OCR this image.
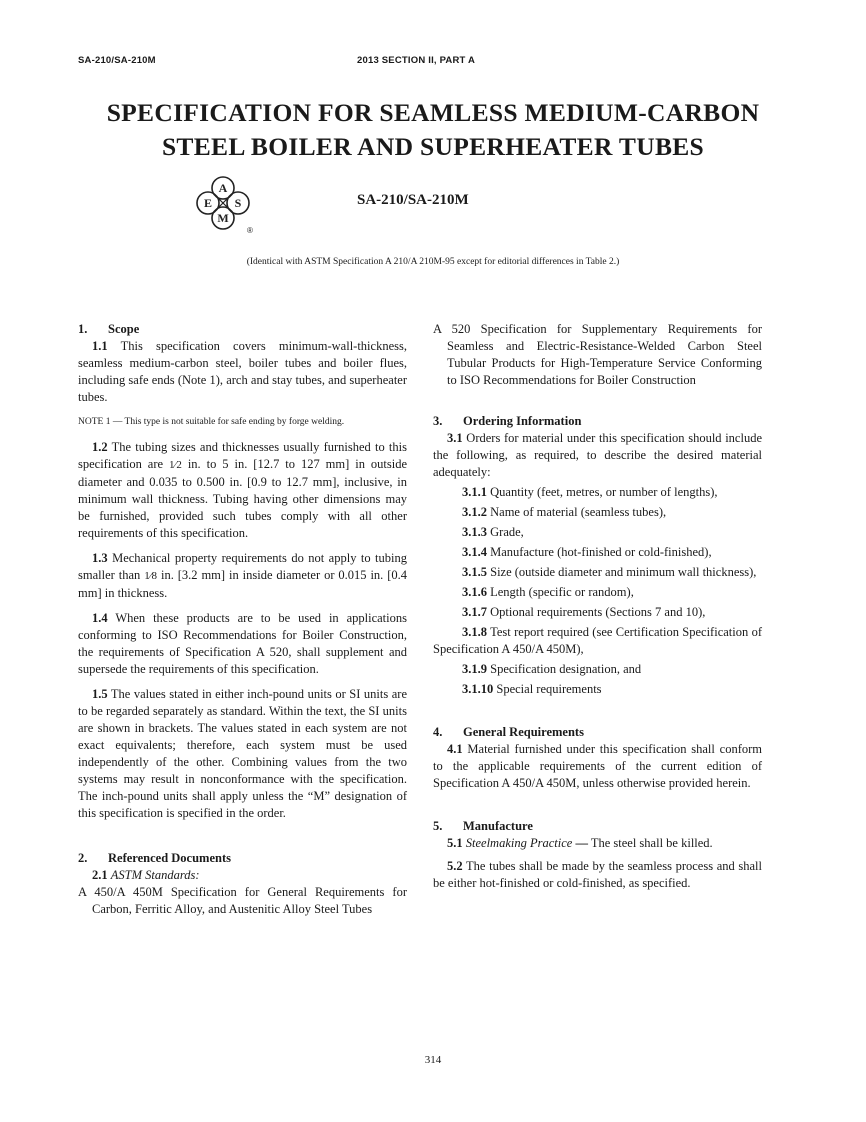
SA-210/SA-210M	2013 SECTION II, PART A
SPECIFICATION FOR SEAMLESS MEDIUM-CARBON
STEEL BOILER AND SUPERHEATER TUBES
A
E S
M
®
SA-210/SA-210M
(Identical with ASTM Specification A 210/A 210M-95 except for editorial differences in Table 2.)

1. Scope

1.1 This specification covers minimum-wall-thickness, seamless medium-carbon steel, boiler tubes and boiler flues, including safe ends (Note 1), arch and stay tubes, and superheater tubes.

NOTE 1 — This type is not suitable for safe ending by forge welding.

1.2 The tubing sizes and thicknesses usually furnished to this specification are 1⁄2 in. to 5 in. [12.7 to 127 mm] in outside diameter and 0.035 to 0.500 in. [0.9 to 12.7 mm], inclusive, in minimum wall thickness. Tubing having other dimensions may be furnished, provided such tubes comply with all other requirements of this specification.

1.3 Mechanical property requirements do not apply to tubing smaller than 1⁄8 in. [3.2 mm] in inside diameter or 0.015 in. [0.4 mm] in thickness.

1.4 When these products are to be used in applications conforming to ISO Recommendations for Boiler Construction, the requirements of Specification A 520, shall supplement and supersede the requirements of this specification.

1.5 The values stated in either inch-pound units or SI units are to be regarded separately as standard. Within the text, the SI units are shown in brackets. The values stated in each system are not exact equivalents; therefore, each system must be used independently of the other. Combining values from the two systems may result in nonconformance with the specification. The inch-pound units shall apply unless the “M” designation of this specification is specified in the order.

2. Referenced Documents

2.1 ASTM Standards:

A 450/A 450M Specification for General Requirements for Carbon, Ferritic Alloy, and Austenitic Alloy Steel Tubes

A 520 Specification for Supplementary Requirements for Seamless and Electric-Resistance-Welded Carbon Steel Tubular Products for High-Temperature Service Conforming to ISO Recommendations for Boiler Construction

3. Ordering Information

3.1 Orders for material under this specification should include the following, as required, to describe the desired material adequately:

3.1.1 Quantity (feet, metres, or number of lengths),

3.1.2 Name of material (seamless tubes),

3.1.3 Grade,

3.1.4 Manufacture (hot-finished or cold-finished),

3.1.5 Size (outside diameter and minimum wall thickness),

3.1.6 Length (specific or random),

3.1.7 Optional requirements (Sections 7 and 10),

3.1.8 Test report required (see Certification Specification of Specification A 450/A 450M),

3.1.9 Specification designation, and

3.1.10 Special requirements

4. General Requirements

4.1 Material furnished under this specification shall conform to the applicable requirements of the current edition of Specification A 450/A 450M, unless otherwise provided herein.

5. Manufacture

5.1 Steelmaking Practice — The steel shall be killed.

5.2 The tubes shall be made by the seamless process and shall be either hot-finished or cold-finished, as specified.

314
